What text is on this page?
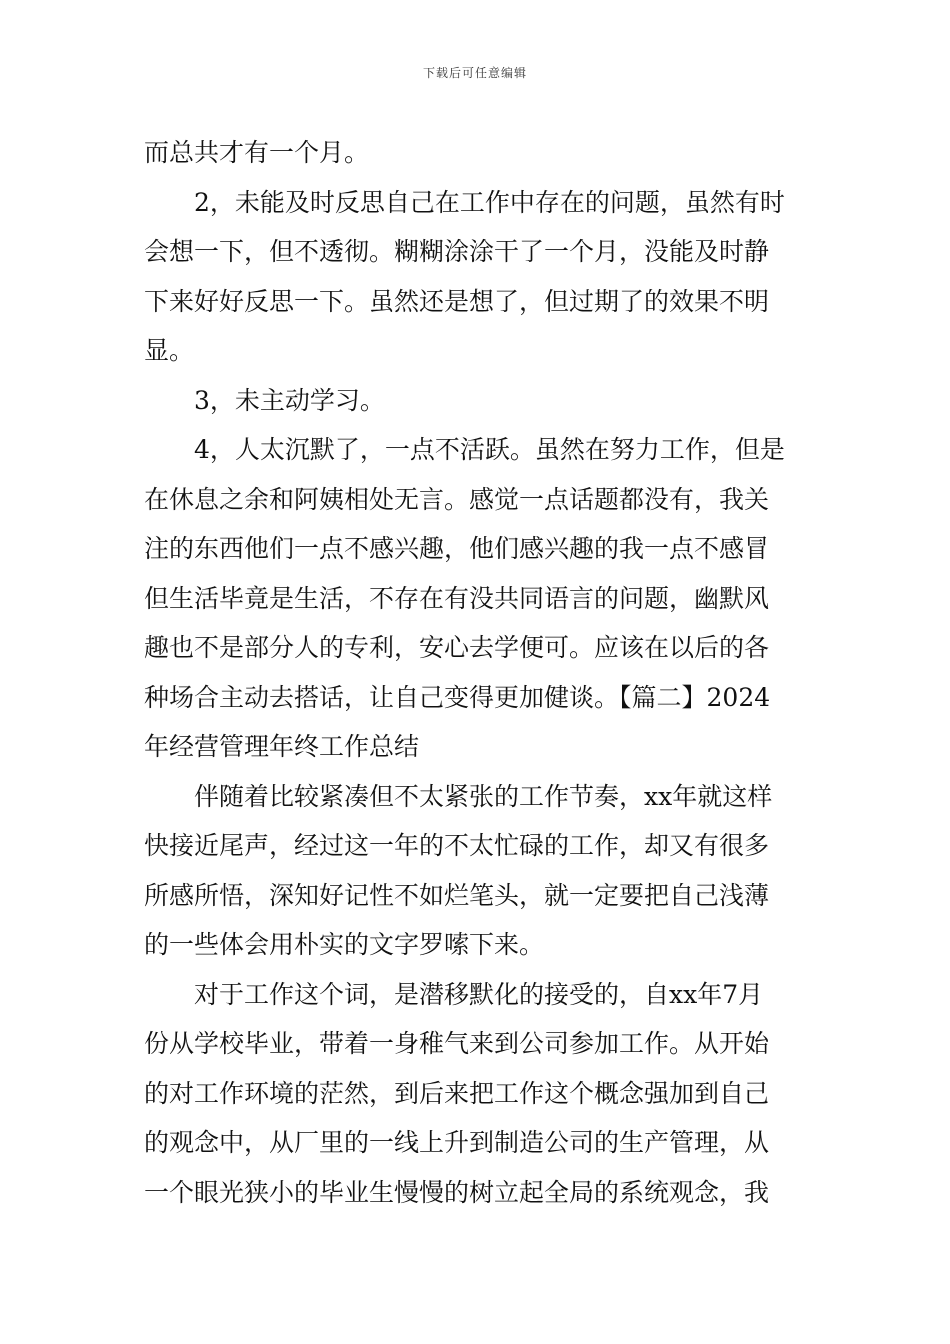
下载后可任意编辑
而总共才有一个月。
2，未能及时反思自己在工作中存在的问题，虽然有时
会想一下，但不透彻。糊糊涂涂干了一个月，没能及时静
下来好好反思一下。虽然还是想了，但过期了的效果不明
显。
3，未主动学习。
4，人太沉默了，一点不活跃。虽然在努力工作，但是
在休息之余和阿姨相处无言。感觉一点话题都没有，我关
注的东西他们一点不感兴趣，他们感兴趣的我一点不感冒
但生活毕竟是生活，不存在有没共同语言的问题，幽默风
趣也不是部分人的专利，安心去学便可。应该在以后的各
种场合主动去搭话，让自己变得更加健谈。【篇二】2024
年经营管理年终工作总结
伴随着比较紧凑但不太紧张的工作节奏，xx年就这样
快接近尾声，经过这一年的不太忙碌的工作，却又有很多
所感所悟，深知好记性不如烂笔头，就一定要把自己浅薄
的一些体会用朴实的文字罗嗦下来。
对于工作这个词，是潜移默化的接受的，自xx年7月
份从学校毕业，带着一身稚气来到公司参加工作。从开始
的对工作环境的茫然，到后来把工作这个概念强加到自己
的观念中，从厂里的一线上升到制造公司的生产管理，从
一个眼光狭小的毕业生慢慢的树立起全局的系统观念，我
